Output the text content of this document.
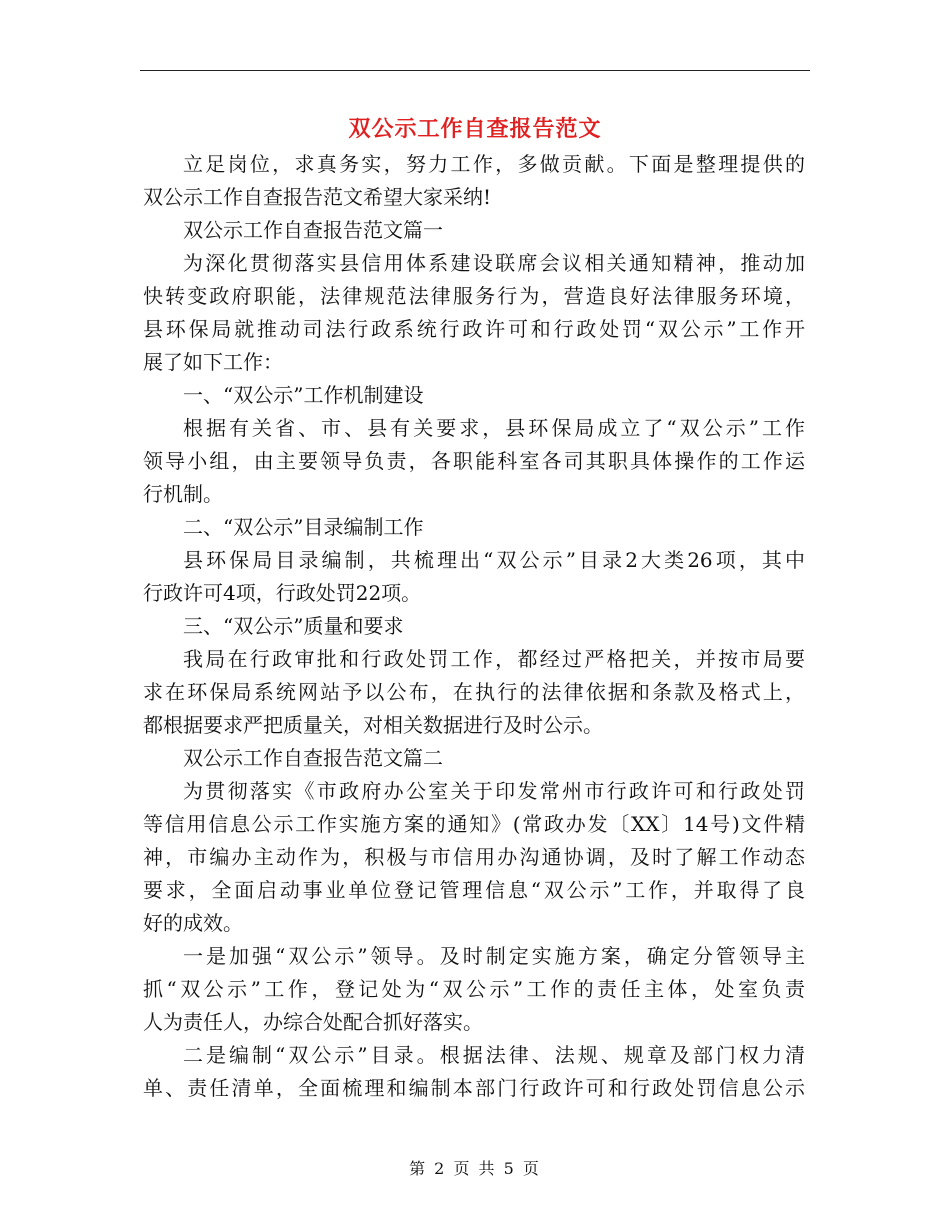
双公示工作自查报告范文
立足岗位，求真务实，努力工作，多做贡献。下面是整理提供的
双公示工作自查报告范文希望大家采纳!
双公示工作自查报告范文篇一
为深化贯彻落实县信用体系建设联席会议相关通知精神，推动加
快转变政府职能，法律规范法律服务行为，营造良好法律服务环境，
县环保局就推动司法行政系统行政许可和行政处罚“双公示”工作开
展了如下工作：
一、“双公示”工作机制建设
根据有关省、市、县有关要求，县环保局成立了“双公示”工作
领导小组，由主要领导负责，各职能科室各司其职具体操作的工作运
行机制。
二、“双公示”目录编制工作
县环保局目录编制，共梳理出“双公示”目录2大类26项，其中
行政许可4项，行政处罚22项。
三、“双公示”质量和要求
我局在行政审批和行政处罚工作，都经过严格把关，并按市局要
求在环保局系统网站予以公布，在执行的法律依据和条款及格式上，
都根据要求严把质量关，对相关数据进行及时公示。
双公示工作自查报告范文篇二
为贯彻落实《市政府办公室关于印发常州市行政许可和行政处罚
等信用信息公示工作实施方案的通知》(常政办发〔XX〕14号)文件精
神，市编办主动作为，积极与市信用办沟通协调，及时了解工作动态
要求，全面启动事业单位登记管理信息“双公示”工作，并取得了良
好的成效。
一是加强“双公示”领导。及时制定实施方案，确定分管领导主
抓“双公示”工作，登记处为“双公示”工作的责任主体，处室负责
人为责任人，办综合处配合抓好落实。
二是编制“双公示”目录。根据法律、法规、规章及部门权力清
单、责任清单，全面梳理和编制本部门行政许可和行政处罚信息公示
第 2 页 共 5 页
